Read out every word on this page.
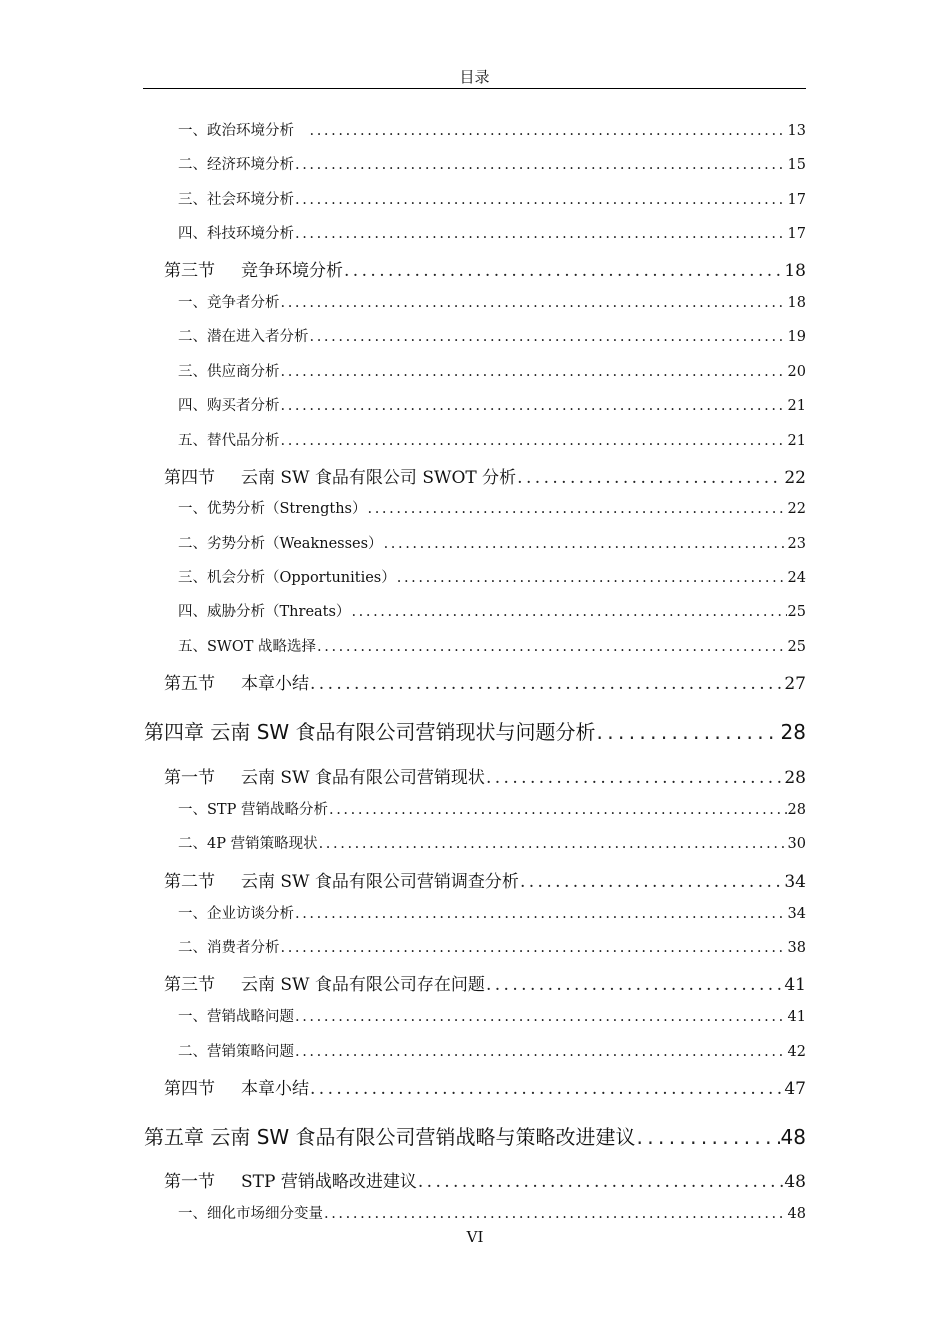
目录
一、政治环境分析　 . . .	13
二、经济环境分析 . . .	15
三、社会环境分析 . . .	17
四、科技环境分析 . . .	17
第三节 竞争环境分析 . . .	18
一、竞争者分析 . . .	18
二、潜在进入者分析 . . .	19
三、供应商分析 . . .	20
四、购买者分析 . . .	21
五、替代品分析 . . .	21
第四节 云南 SW 食品有限公司 SWOT 分析 . . .	22
一、优势分析（Strengths） . . .	22
二、劣势分析（Weaknesses） . . .	23
三、机会分析（Opportunities） . . .	24
四、威胁分析（Threats） . . .	25
五、SWOT 战略选择 . . .	25
第五节 本章小结 . . .	27
第四章 云南 SW 食品有限公司营销现状与问题分析 . . .	28
第一节 云南 SW 食品有限公司营销现状 . . .	28
一、STP 营销战略分析 . . .	28
二、4P 营销策略现状 . . .	30
第二节 云南 SW 食品有限公司营销调查分析 . . .	34
一、企业访谈分析 . . .	34
二、消费者分析 . . .	38
第三节 云南 SW 食品有限公司存在问题 . . .	41
一、营销战略问题 . . .	41
二、营销策略问题 . . .	42
第四节 本章小结 . . .	47
第五章 云南 SW 食品有限公司营销战略与策略改进建议 . . .	48
第一节 STP 营销战略改进建议 . . .	48
一、细化市场细分变量 . . .	48
VI
